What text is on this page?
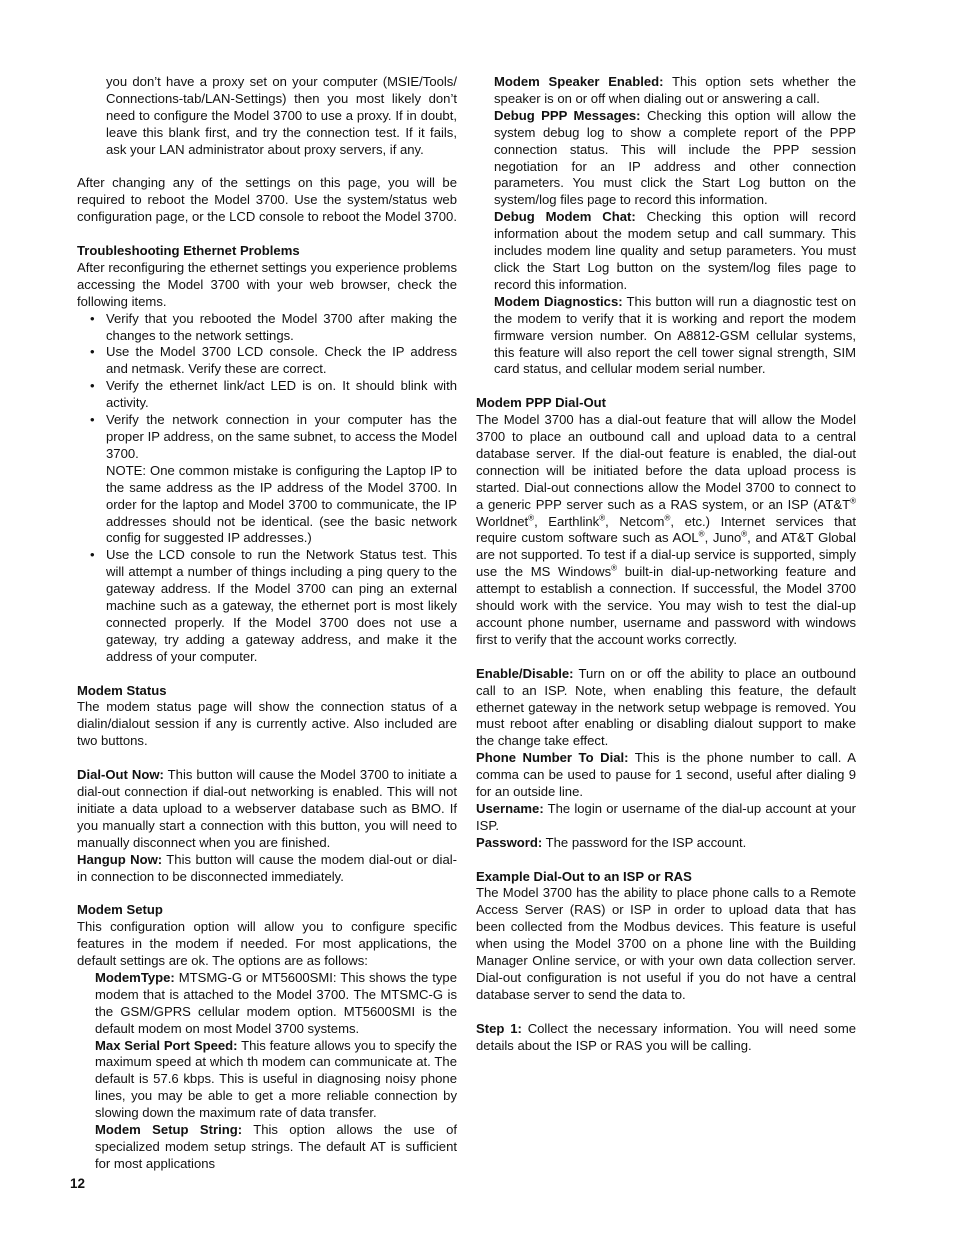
you don’t have a proxy set on your computer (MSIE/Tools/ Connections-tab/LAN-Settings) then you most likely don’t need to configure the Model 3700 to use a proxy. If in doubt, leave this blank first, and try the connection test. If it fails, ask your LAN administrator about proxy servers, if any.

After changing any of the settings on this page, you will be required to reboot the Model 3700. Use the system/status web configuration page, or the LCD console to reboot the Model 3700.

Troubleshooting Ethernet Problems

After reconfiguring the ethernet settings you experience problems accessing the Model 3700 with your web browser, check the following items.

• Verify that you rebooted the Model 3700 after making the changes to the network settings.
• Use the Model 3700 LCD console. Check the IP address and netmask. Verify these are correct.
• Verify the ethernet link/act LED is on. It should blink with activity.
• Verify the network connection in your computer has the proper IP address, on the same subnet, to access the Model 3700.

NOTE: One common mistake is configuring the Laptop IP to the same address as the IP address of the Model 3700. In order for the laptop and Model 3700 to communicate, the IP addresses should not be identical. (see the basic network config for suggested IP addresses.)

• Use the LCD console to run the Network Status test. This will attempt a number of things including a ping query to the gateway address. If the Model 3700 can ping an external machine such as a gateway, the ethernet port is most likely connected properly. If the Model 3700 does not use a gateway, try adding a gateway address, and make it the address of your computer.

Modem Status

The modem status page will show the connection status of a dialin/dialout session if any is currently active. Also included are two buttons.

Dial-Out Now: This button will cause the Model 3700 to initiate a dial-out connection if dial-out networking is enabled. This will not initiate a data upload to a webserver database such as BMO. If you manually start a connection with this button, you will need to manually disconnect when you are finished.

Hangup Now: This button will cause the modem dial-out or dial-in connection to be disconnected immediately.

Modem Setup

This configuration option will allow you to configure specific features in the modem if needed. For most applications, the default settings are ok. The options are as follows:

ModemType: MTSMG-G or MT5600SMI: This shows the type modem that is attached to the Model 3700. The MTSMC-G is the GSM/GPRS cellular modem option. MT5600SMI is the default modem on most Model 3700 systems.

Max Serial Port Speed: This feature allows you to specify the maximum speed at which th modem can communicate at. The default is 57.6 kbps. This is useful in diagnosing noisy phone lines, you may be able to get a more reliable connection by slowing down the maximum rate of data transfer.

Modem Setup String: This option allows the use of specialized modem setup strings. The default AT is sufficient for most applications

Modem Speaker Enabled: This option sets whether the speaker is on or off when dialing out or answering a call.

Debug PPP Messages: Checking this option will allow the system debug log to show a complete report of the PPP connection status. This will include the PPP session negotiation for an IP address and other connection parameters. You must click the Start Log button on the system/log files page to record this information.

Debug Modem Chat: Checking this option will record information about the modem setup and call summary. This includes modem line quality and setup parameters. You must click the Start Log button on the system/log files page to record this information.

Modem Diagnostics: This button will run a diagnostic test on the modem to verify that it is working and report the modem firmware version number. On A8812-GSM cellular systems, this feature will also report the cell tower signal strength, SIM card status, and cellular modem serial number.

Modem PPP Dial-Out

The Model 3700 has a dial-out feature that will allow the Model 3700 to place an outbound call and upload data to a central database server. If the dial-out feature is enabled, the dial-out connection will be initiated before the data upload process is started. Dial-out connections allow the Model 3700 to connect to a generic PPP server such as a RAS system, or an ISP (AT&T® Worldnet®, Earthlink®, Netcom®, etc.) Internet services that require custom software such as AOL®, Juno®, and AT&T Global are not supported. To test if a dial-up service is supported, simply use the MS Windows® built-in dial-up-networking feature and attempt to establish a connection. If successful, the Model 3700 should work with the service. You may wish to test the dial-up account phone number, username and password with windows first to verify that the account works correctly.

Enable/Disable: Turn on or off the ability to place an outbound call to an ISP. Note, when enabling this feature, the default ethernet gateway in the network setup webpage is removed. You must reboot after enabling or disabling dialout support to make the change take effect.

Phone Number To Dial: This is the phone number to call. A comma can be used to pause for 1 second, useful after dialing 9 for an outside line.

Username: The login or username of the dial-up account at your ISP.

Password: The password for the ISP account.

Example Dial-Out to an ISP or RAS

The Model 3700 has the ability to place phone calls to a Remote Access Server (RAS) or ISP in order to upload data that has been collected from the Modbus devices. This feature is useful when using the Model 3700 on a phone line with the Building Manager Online service, or with your own data collection server. Dial-out configuration is not useful if you do not have a central database server to send the data to.

Step 1: Collect the necessary information. You will need some details about the ISP or RAS you will be calling.

12
